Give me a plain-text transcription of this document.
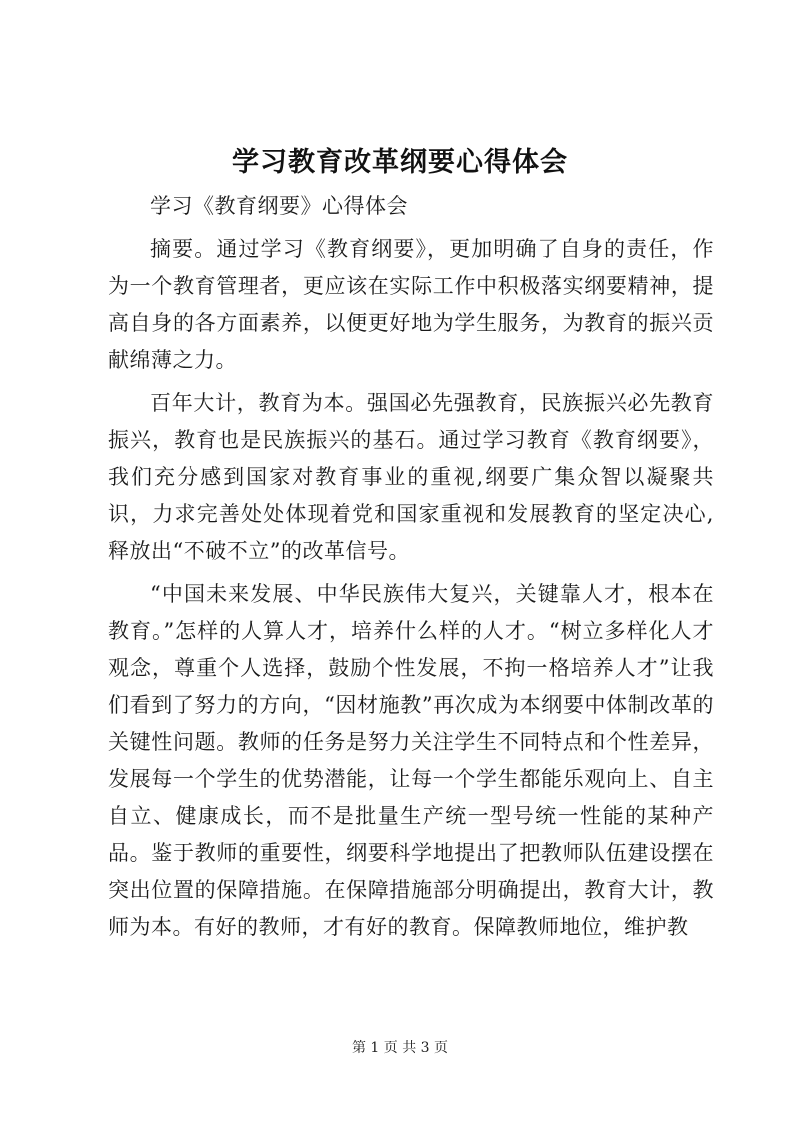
学习教育改革纲要心得体会

学习《教育纲要》心得体会

摘要。通过学习《教育纲要》，更加明确了自身的责任，作为一个教育管理者，更应该在实际工作中积极落实纲要精神，提高自身的各方面素养，以便更好地为学生服务，为教育的振兴贡献绵薄之力。

百年大计，教育为本。强国必先强教育，民族振兴必先教育振兴，教育也是民族振兴的基石。通过学习教育《教育纲要》，我们充分感到国家对教育事业的重视,纲要广集众智以凝聚共识，力求完善处处体现着党和国家重视和发展教育的坚定决心,释放出“不破不立”的改革信号。

“中国未来发展、中华民族伟大复兴，关键靠人才，根本在教育。”怎样的人算人才，培养什么样的人才。“树立多样化人才观念，尊重个人选择，鼓励个性发展，不拘一格培养人才”让我们看到了努力的方向，“因材施教”再次成为本纲要中体制改革的关键性问题。教师的任务是努力关注学生不同特点和个性差异，发展每一个学生的优势潜能，让每一个学生都能乐观向上、自主自立、健康成长，而不是批量生产统一型号统一性能的某种产品。鉴于教师的重要性，纲要科学地提出了把教师队伍建设摆在突出位置的保障措施。在保障措施部分明确提出，教育大计，教师为本。有好的教师，才有好的教育。保障教师地位，维护教

第 1 页 共 3 页
